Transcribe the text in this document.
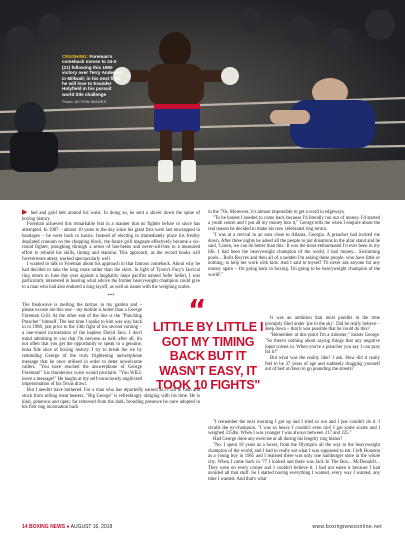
CRUSHING: Foreman's comeback moves to 24-0 (21) following this 1990 victory over Terry Anderson in Millwall; in his next fight he will lose to Evander Holyfield in his pursuit world title challenge
Photo: ACTION IMAGES

▶ hed and gold belt around his waist. In doing so, he sent a shiver down the spine of boxing history.

Foreman achieved this remarkable feat in a manner that no fighter before or since has attempted. In 1987 – almost 10 years to the day since his giant fists were last enwrapped in bandages – he went back to basics. Instead of electing to immediately place his freshly depilated cranium on the chopping block, the future grill magnate effectively became a six-round fighter, ploughing through a series of has-beens and never-will-bes in a measured effort to rebuild his skills, timing and stamina. This approach, as the record books will forevermore attest, worked spectacularly well.

I wanted to talk to Foreman about his approach to that famous comeback. About why he had decided to take the long route rather than the short. In light of Tyson's Fury's farcical ring return in June this year against a laughably inept pacifist named Sefer Seferi, I was particularly interested in hearing what advice the former heavyweight champion could give to a man who had also endured a long layoff, as well as issues with the weighing scales.

***

The freakwave is melting the tarmac in my garden and – please excuse me this one – my mobile is hotter than a George Foreman Grill. At the other end of the line is the "Punching Preacher" himself. The last time I spoke to him was way back in in 1988, just prior to the 14th fight of his second coming – a one-round incineration of the hapless David Jaco. I don't mind admitting to you that I'm nervous as hell; after all, it's not often that you get the opportunity to speak to a genuine, bona fide slice of boxing history. I try to break the ice by reminding George of the truly frightening answerphone message that he once utilised in order to deter unwelcome callers. "You have reached the answerphone of George Foreman!" his thunderous voice would proclaim. "You WILL leave a message!" He laughs at my self-consciously anglicised impersonation of his Texas drawl.

But I needn't have bothered. For a man who has reportedly earned $137.5m in cash and stock from selling meat heaters, "Big George" is refreshingly obliging with his time. He is kind, generous and open; far removed from the dark, brooding presence he once adopted in his first ring incarnation back

in the '70s. Moreover, it's almost impossible to get a word in edgeways.

"To be honest I needed to come back because I'd literally run out of money. I'd started a youth centre and I put all my money into it," George tells me when I enquire about the real reason he decided to make his now celebrated ring return.

"I was at a revival in an area close to Atlanta, Georgia. A preacher had invited me down. After three nights he asked all the people to put donations in the altar stand and he said, 'Listen, we can do better than this.' It was the most embarrassed I'd ever been in my life. I had been the heavyweight champion of the world, I had money... Swimming pools... Rolls Royces and then all of a sudden I'm asking these people, who have little or nothing, to help me work with kids. And I said to myself 'I'll never ask anyone for any money again – I'm going back to boxing. I'm going to be heavyweight champion of the world'."

“
LITTLE BY LITTLE I GOT MY TIMING BACK BUT IT WASN'T EASY, IT TOOK 10 FIGHTS"

It was an ambition that most pundits at the time promptly filed under 'pie in the sky'. Did he really believe – deep down – that it was possible that he could do this?

"Remember at this point I'm a minister," insists George. "So there's nothing about saying things that any negative input comes in. When you're a preacher you say I can pray for it!"

But what was the reality like? I ask. How did it really feel to be 37 years of age and suddenly dragging yourself out of bed at dawn to go pounding the streets?

"I remember the next morning I got up and I tried to run and I just couldn't do it. I recalls the ex-champion. "I was so heavy I couldn't even run! I got some scales and I weighed 315lbs. When I was younger I was always between 217 and 225."

Had George done any exercise at all during his lengthy ring hiatus?

"No. I spent 10 years as a boxer, from the Olympics all the way to the heavyweight champion of the world, and I had to really eat what I was supposed to eat. I left Houston as a young boy in 1965 and I realised there was only one hamburger store in the whole city. When I came back in '77 I looked and there was Jack In The Box... McDonald's... They were on every corner and I couldn't believe it. I had not eaten it because I had avoided all that stuff. So I started having everything I wanted, every way I wanted, any time I wanted. And that's what

14 BOXING NEWS ● AUGUST 16, 2018	www.boxingnewsonline.net
